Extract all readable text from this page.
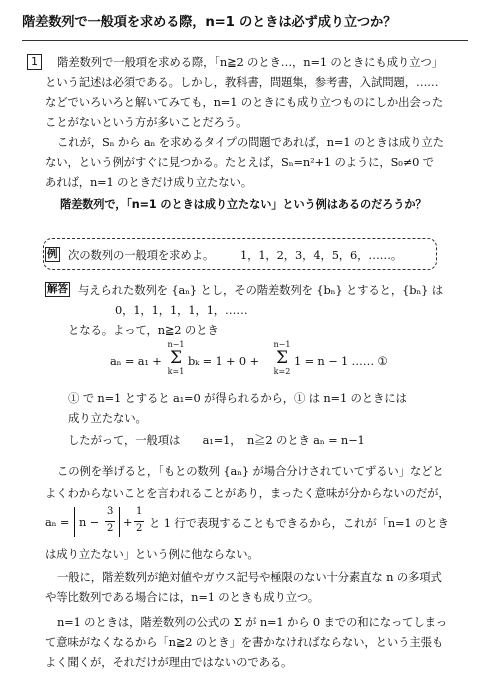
階差数列で一般項を求める際，n=1 のときは必ず成り立つか？
1	階差数列で一般項を求める際，「n≧2 のとき…，n=1 のときにも成り立つ」
という記述は必須である。しかし，教科書，問題集，参考書，入試問題，……
などでいろいろと解いてみても，n=1 のときにも成り立つものにしか出会った
ことがないという方が多いことだろう。
これが，Sₙ から aₙ を求めるタイプの問題であれば，n=1 のときは成り立た
ない，という例がすぐに見つかる。たとえば，Sₙ=n²+1 のように，S₀≠0 で
あれば，n=1 のときだけ成り立たない。
階差数列で，「n=1 のときは成り立たない」という例はあるのだろうか？
例 次の数列の一般項を求めよ。 1，1，2，3，4，5，6，……。
解答 与えられた数列を {aₙ} とし，その階差数列を {bₙ} とすると，{bₙ} は
0，1，1，1，1，1，……
となる。よって，n≧2 のとき
aₙ = a₁ +
n−1
Σ
k=1
bₖ = 1 + 0 +
n−1
Σ
k=2
1 = n − 1 …… ①
① で n=1 とすると a₁=0 が得られるから，① は n=1 のときには
成り立たない。
したがって，一般項は　　a₁=1，　n≧2 のとき aₙ = n−1
この例を挙げると，「もとの数列 {aₙ} が場合分けされていてずるい」などと
よくわからないことを言われることがあり，まったく意味が分からないのだが，
aₙ = n −
3
2 +
1
2 と 1 行で表現することもできるから，これが「n=1 のとき
は成り立たない」という例に他ならない。
一般に，階差数列が絶対値やガウス記号や極限のない十分素直な n の多項式
や等比数列である場合には，n=1 のときも成り立つ。
n=1 のときは，階差数列の公式の Σ が n=1 から 0 までの和になってしまっ
て意味がなくなるから「n≧2 のとき」を書かなければならない，という主張も
よく聞くが，それだけが理由ではないのである。
